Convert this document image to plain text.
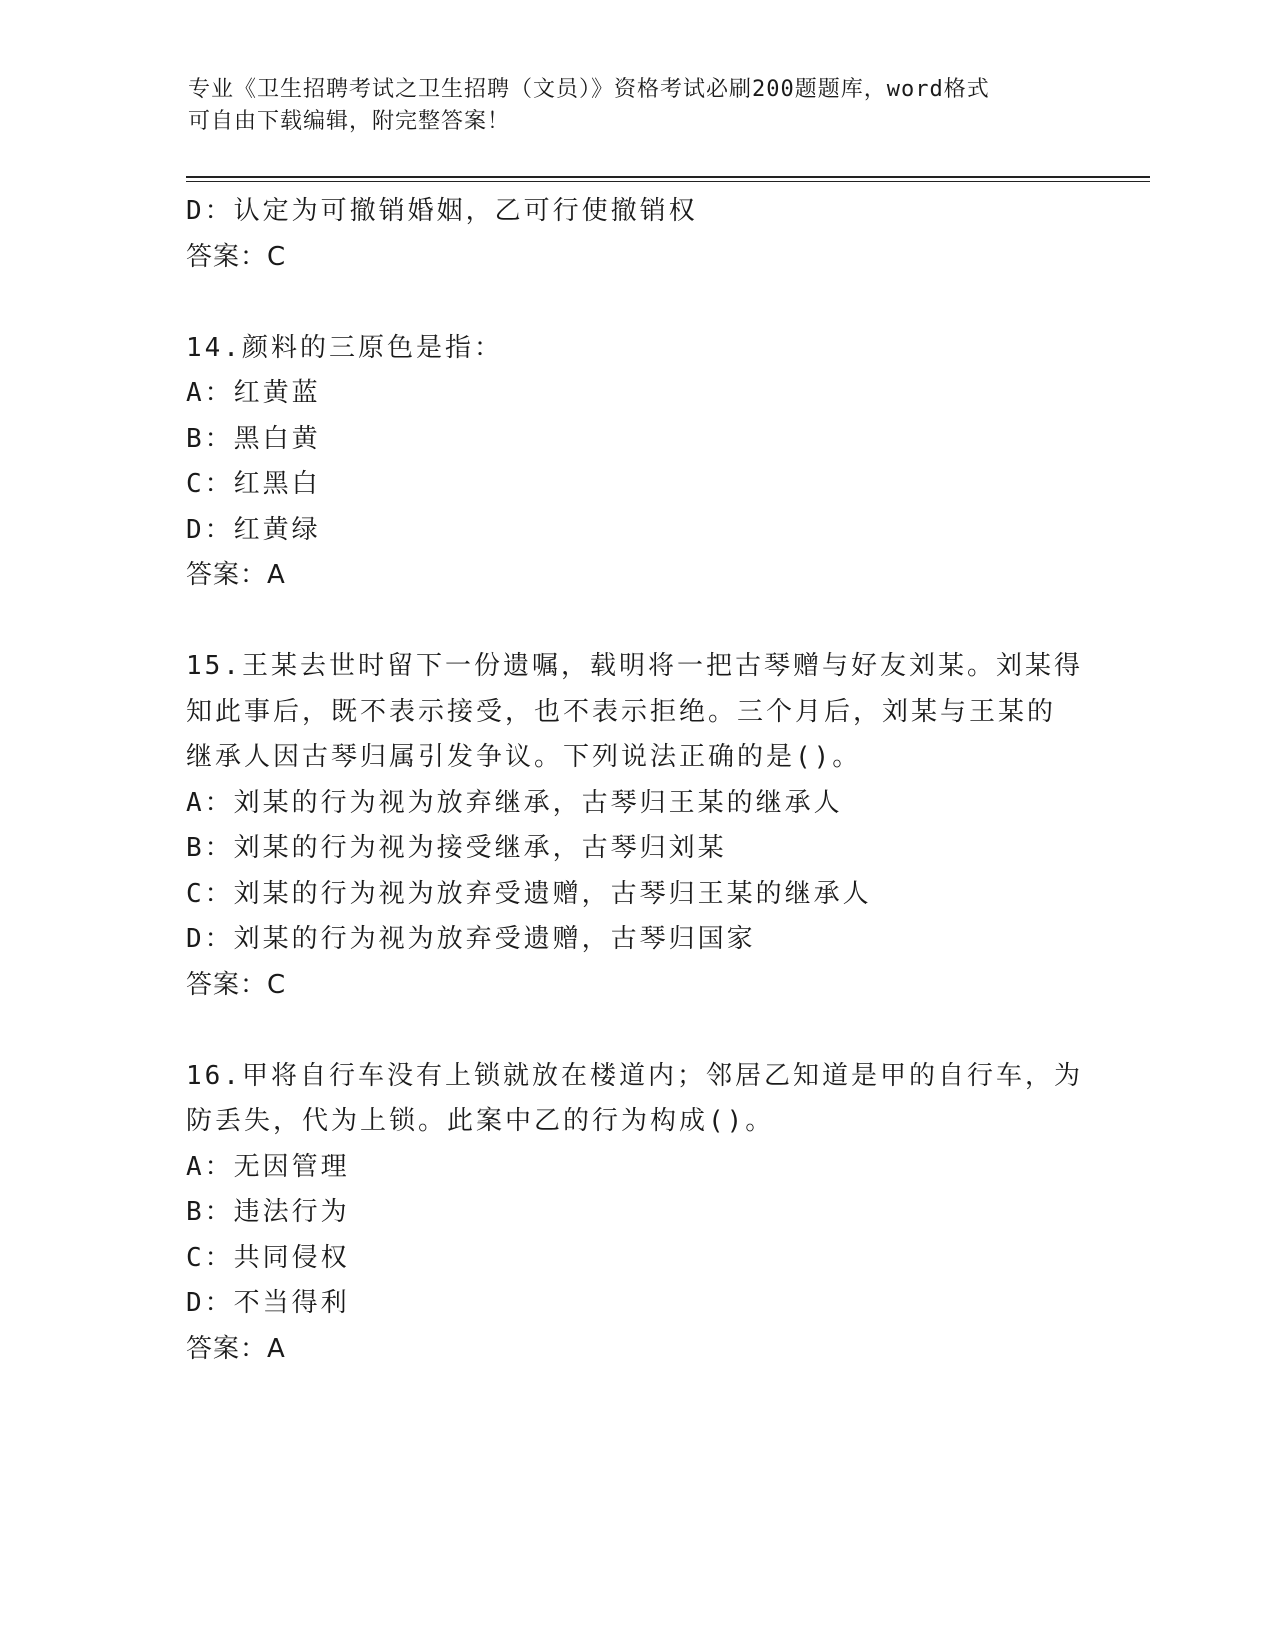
专业《卫生招聘考试之卫生招聘（文员）》资格考试必刷200题题库，word格式

可自由下载编辑，附完整答案！

D：认定为可撤销婚姻，乙可行使撤销权

答案：C

14.颜料的三原色是指：

A：红黄蓝

B：黑白黄

C：红黑白

D：红黄绿

答案：A

15.王某去世时留下一份遗嘱，载明将一把古琴赠与好友刘某。刘某得

知此事后，既不表示接受，也不表示拒绝。三个月后，刘某与王某的

继承人因古琴归属引发争议。下列说法正确的是()。

A：刘某的行为视为放弃继承，古琴归王某的继承人

B：刘某的行为视为接受继承，古琴归刘某

C：刘某的行为视为放弃受遗赠，古琴归王某的继承人

D：刘某的行为视为放弃受遗赠，古琴归国家

答案：C

16.甲将自行车没有上锁就放在楼道内；邻居乙知道是甲的自行车，为

防丢失，代为上锁。此案中乙的行为构成()。

A：无因管理

B：违法行为

C：共同侵权

D：不当得利

答案：A
